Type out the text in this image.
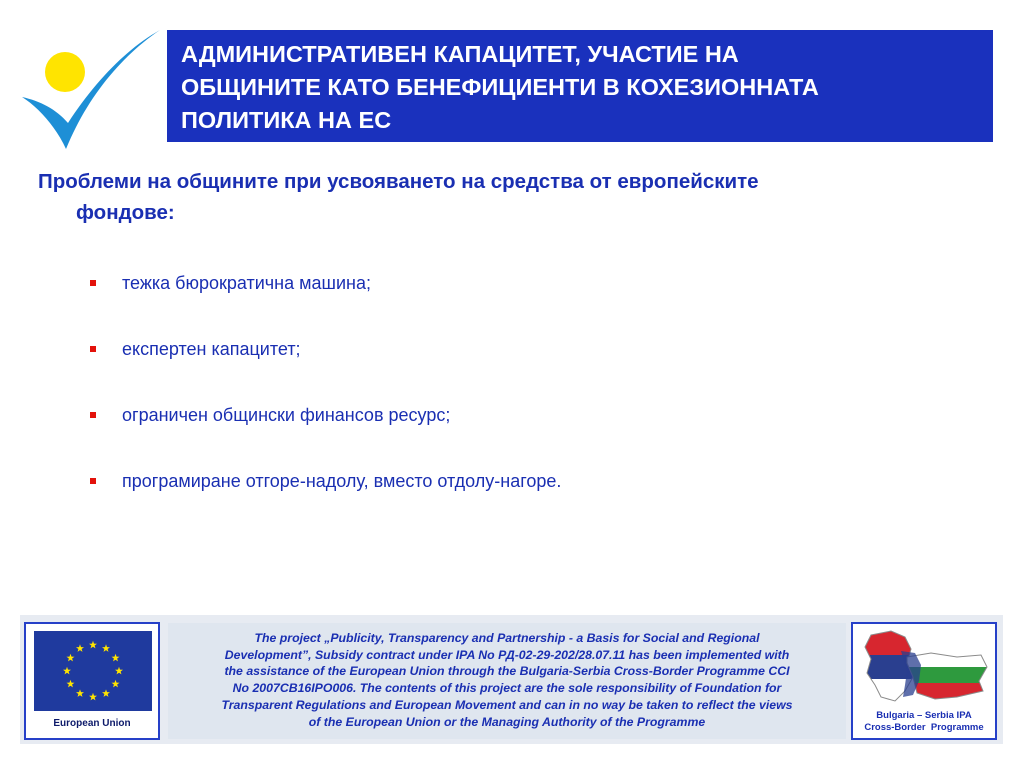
АДМИНИСТРАТИВЕН КАПАЦИТЕТ, УЧАСТИЕ НА
ОБЩИНИТЕ КАТО БЕНЕФИЦИЕНТИ В КОХЕЗИОННАТА
ПОЛИТИКА НА ЕС
Проблеми на общините при усвояването на средства от европейските
фондове:
тежка бюрократична машина;
експертен капацитет;
ограничен общински финансов ресурс;
програмиране отгоре-надолу, вместо отдолу-нагоре.
European Union
The project „Publicity, Transparency and Partnership - a Basis for Social and Regional
Development”, Subsidy contract under IPA No РД-02-29-202/28.07.11 has been implemented with
the assistance of the European Union through the Bulgaria-Serbia Cross-Border Programme CCI
No 2007CB16IPO006. The contents of this project are the sole responsibility of Foundation for
Transparent Regulations and European Movement and can in no way be taken to reflect the views
of the European Union or the Managing Authority of the Programme	Bulgaria – Serbia IPA
Cross-Border  Programme
